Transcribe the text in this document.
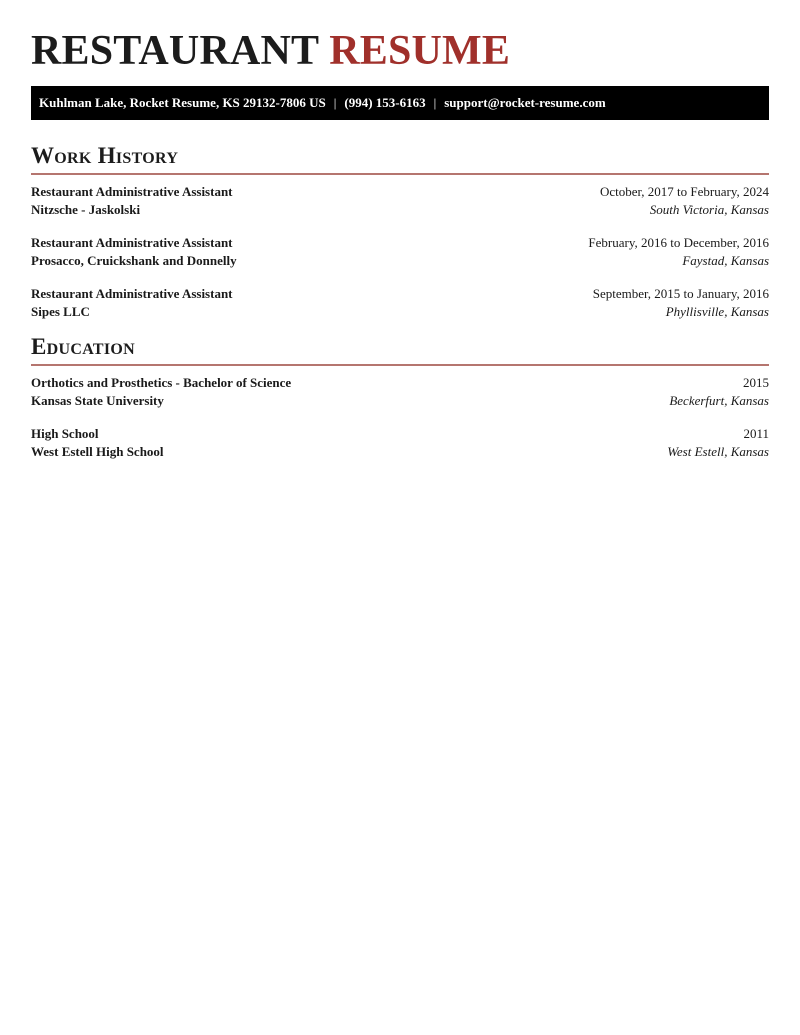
RESTAURANT RESUME
Kuhlman Lake, Rocket Resume, KS 29132-7806 US | (994) 153-6163 | support@rocket-resume.com
Work History
Restaurant Administrative Assistant	October, 2017 to February, 2024
Nitzsche - Jaskolski	South Victoria, Kansas
Restaurant Administrative Assistant	February, 2016 to December, 2016
Prosacco, Cruickshank and Donnelly	Faystad, Kansas
Restaurant Administrative Assistant	September, 2015 to January, 2016
Sipes LLC	Phyllisville, Kansas
Education
Orthotics and Prosthetics - Bachelor of Science	2015
Kansas State University	Beckerfurt, Kansas
High School	2011
West Estell High School	West Estell, Kansas
